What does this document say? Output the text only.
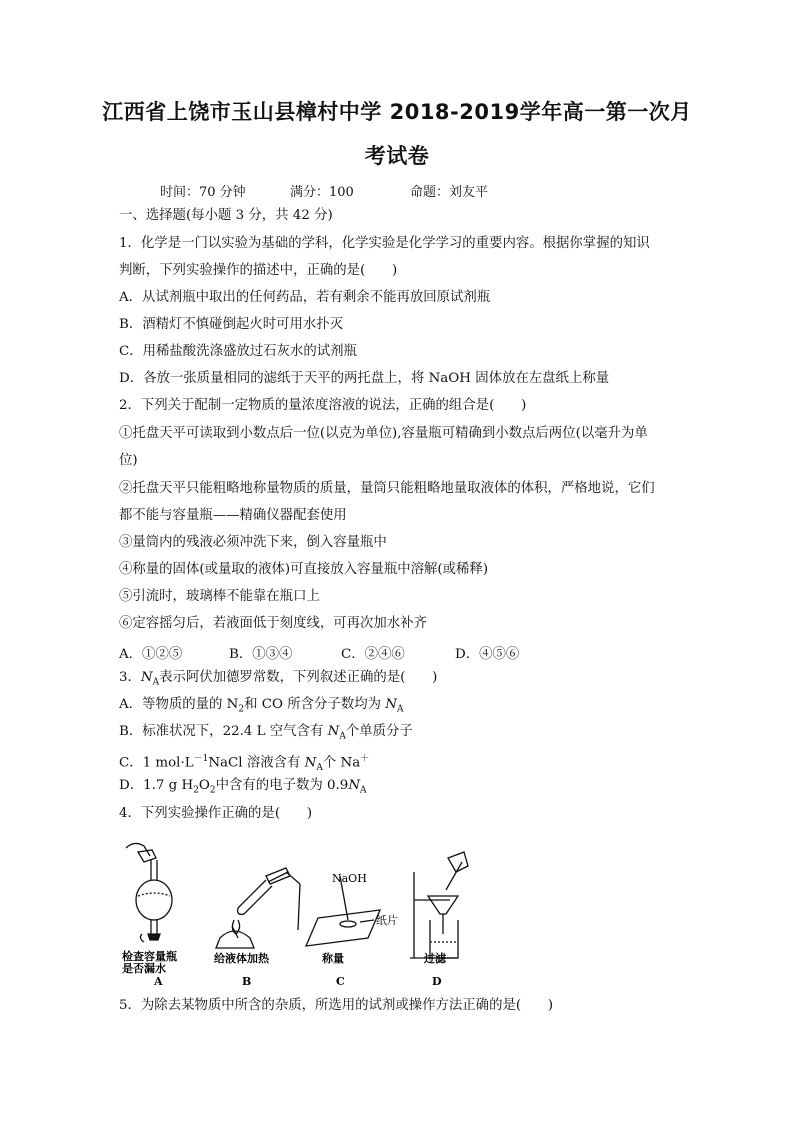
江西省上饶市玉山县樟村中学 2018-2019学年高一第一次月
考试卷
时间：70 分钟	满分：100	命题：刘友平
一、选择题(每小题 3 分，共 42 分)
1．化学是一门以实验为基础的学科，化学实验是化学学习的重要内容。根据你掌握的知识
判断，下列实验操作的描述中，正确的是(　　)
A．从试剂瓶中取出的任何药品，若有剩余不能再放回原试剂瓶
B．酒精灯不慎碰倒起火时可用水扑灭
C．用稀盐酸洗涤盛放过石灰水的试剂瓶
D．各放一张质量相同的滤纸于天平的两托盘上，将 NaOH 固体放在左盘纸上称量
2．下列关于配制一定物质的量浓度溶液的说法，正确的组合是(　　)
①托盘天平可读取到小数点后一位(以克为单位),容量瓶可精确到小数点后两位(以毫升为单
位)
②托盘天平只能粗略地称量物质的质量，量筒只能粗略地量取液体的体积，严格地说，它们
都不能与容量瓶——精确仪器配套使用
③量筒内的残液必须冲洗下来，倒入容量瓶中
④称量的固体(或量取的液体)可直接放入容量瓶中溶解(或稀释)
⑤引流时，玻璃棒不能靠在瓶口上
⑥定容摇匀后，若液面低于刻度线，可再次加水补齐
A．①②⑤	B．①③④	C．②④⑥	D．④⑤⑥
3．$N_A$表示阿伏加德罗常数，下列叙述正确的是(　　)
A．等物质的量的 $N_2$和 CO 所含分子数均为 $N_A$
B．标准状况下，22.4 L 空气含有 $N_A$个单质分子
C．1 $mol\cdot L^{-1}NaCl$ 溶液含有 $N_A$个 Na＋
D．1.7 g $H_2O_2$中含有的电子数为 $0.9N_A$
4．下列实验操作正确的是(　　)
NaOH
纸片
检查容量瓶
是否漏水
给液体加热	称量	过滤
A	B	C	D
5．为除去某物质中所含的杂质，所选用的试剂或操作方法正确的是(　　)
